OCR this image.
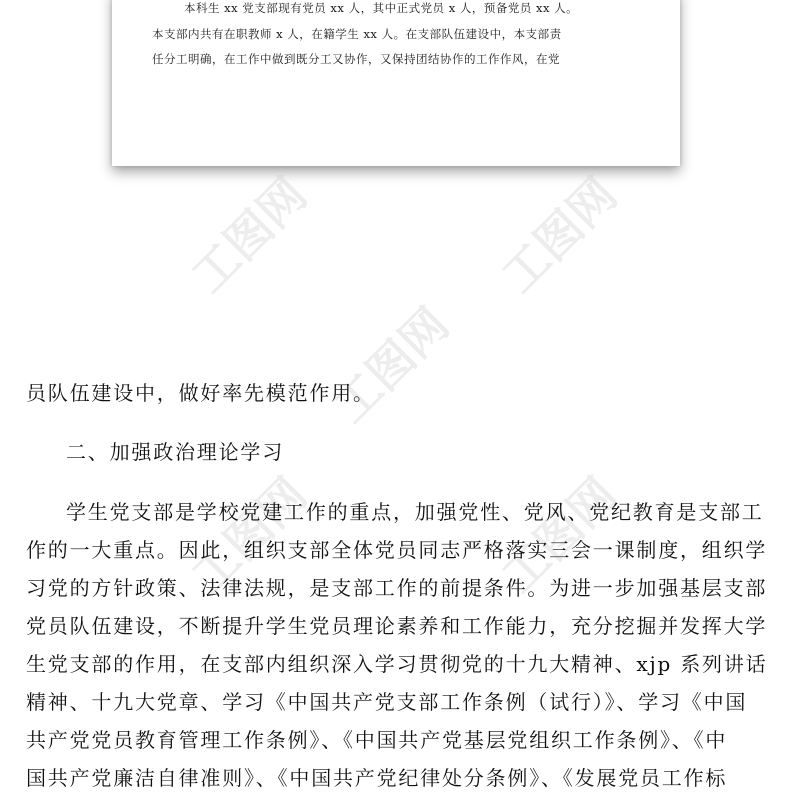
本科生 xx 党支部现有党员 xx 人，其中正式党员 x 人，预备党员 xx 人。
本支部内共有在职教师 x 人，在籍学生 xx 人。在支部队伍建设中，本支部责
任分工明确，在工作中做到既分工又协作，又保持团结协作的工作作风，在党
工图网	工图网
工图网
工图网	工图网
员队伍建设中，做好率先模范作用。
二、加强政治理论学习
学生党支部是学校党建工作的重点，加强党性、党风、党纪教育是支部工
作的一大重点。因此，组织支部全体党员同志严格落实三会一课制度，组织学
习党的方针政策、法律法规，是支部工作的前提条件。为进一步加强基层支部
党员队伍建设，不断提升学生党员理论素养和工作能力，充分挖掘并发挥大学
生党支部的作用，在支部内组织深入学习贯彻党的十九大精神、xjp 系列讲话
精神、十九大党章、学习《中国共产党支部工作条例（试行）》、学习《中国
共产党党员教育管理工作条例》、《中国共产党基层党组织工作条例》、《中
国共产党廉洁自律准则》、《中国共产党纪律处分条例》、《发展党员工作标
